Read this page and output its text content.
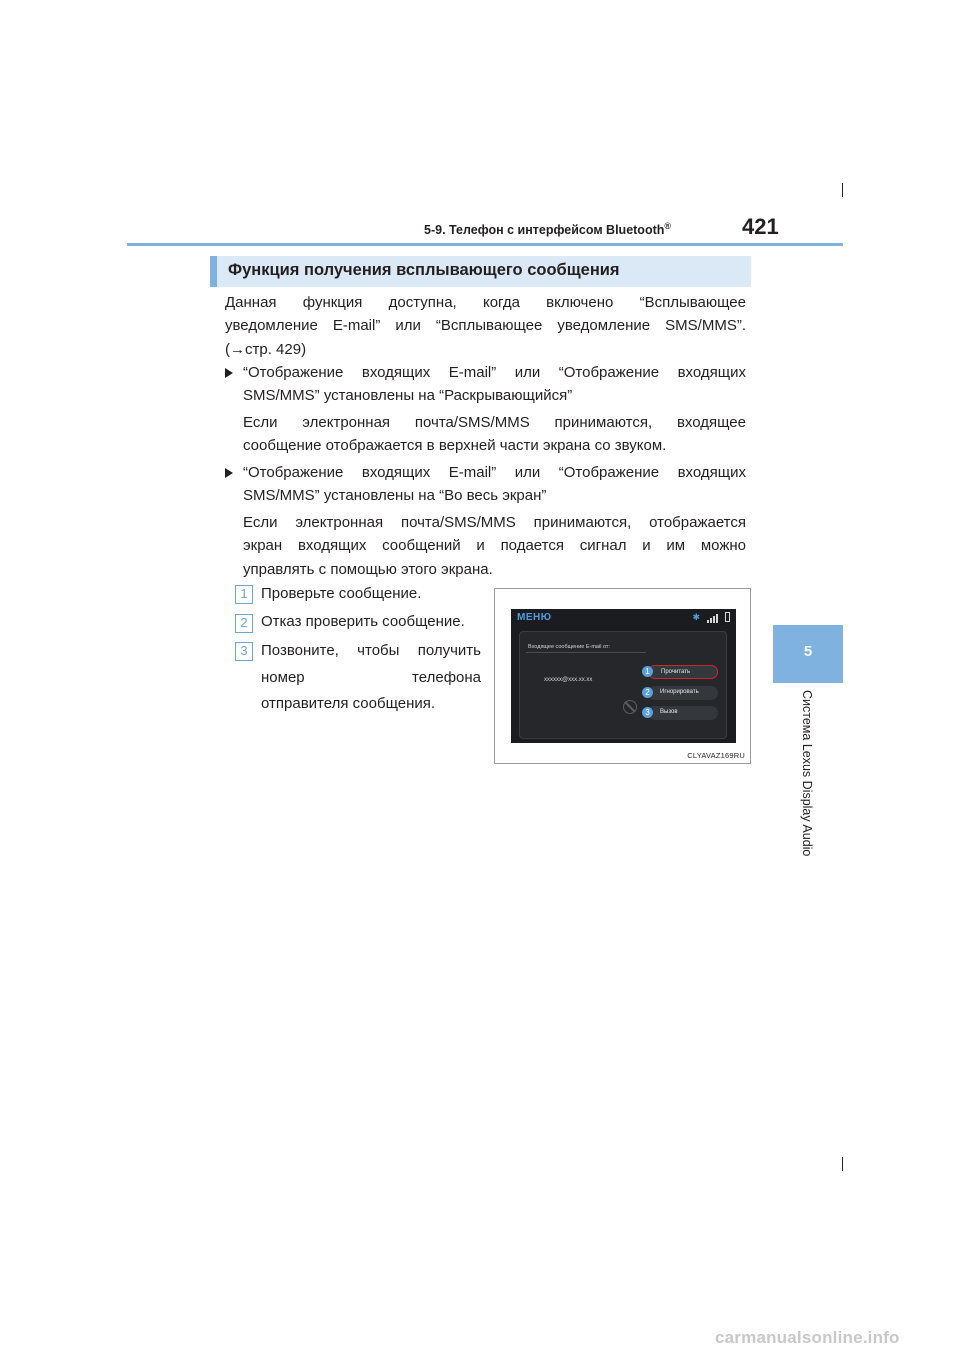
5-9. Телефон с интерфейсом Bluetooth®	421
5
Система Lexus Display Audio
Функция получения всплывающего сообщения
Данная функция доступна, когда включено “Всплывающее
уведомление E-mail” или “Всплывающее уведомление SMS/MMS”.
(→стр. 429)
“Отображение входящих E-mail” или “Отображение входящих
SMS/MMS” установлены на “Раскрывающийся”
Если электронная почта/SMS/MMS принимаются, входящее
сообщение отображается в верхней части экрана со звуком.
“Отображение входящих E-mail” или “Отображение входящих
SMS/MMS” установлены на “Во весь экран”
Если электронная почта/SMS/MMS принимаются, отображается
экран входящих сообщений и подается сигнал и им можно
управлять с помощью этого экрана.
1 Проверьте сообщение.
2 Отказ проверить сообщение.
3 Позвоните, чтобы получить
номер	телефона
отправителя сообщения.
МЕНЮ	✱
Входящее сообщение E-mail от:
xxxxxx@xxx.xx.xx
Прочитать
1
Игнорировать
2
Вызов
3
CLYAVAZ169RU
carmanualsonline.info
